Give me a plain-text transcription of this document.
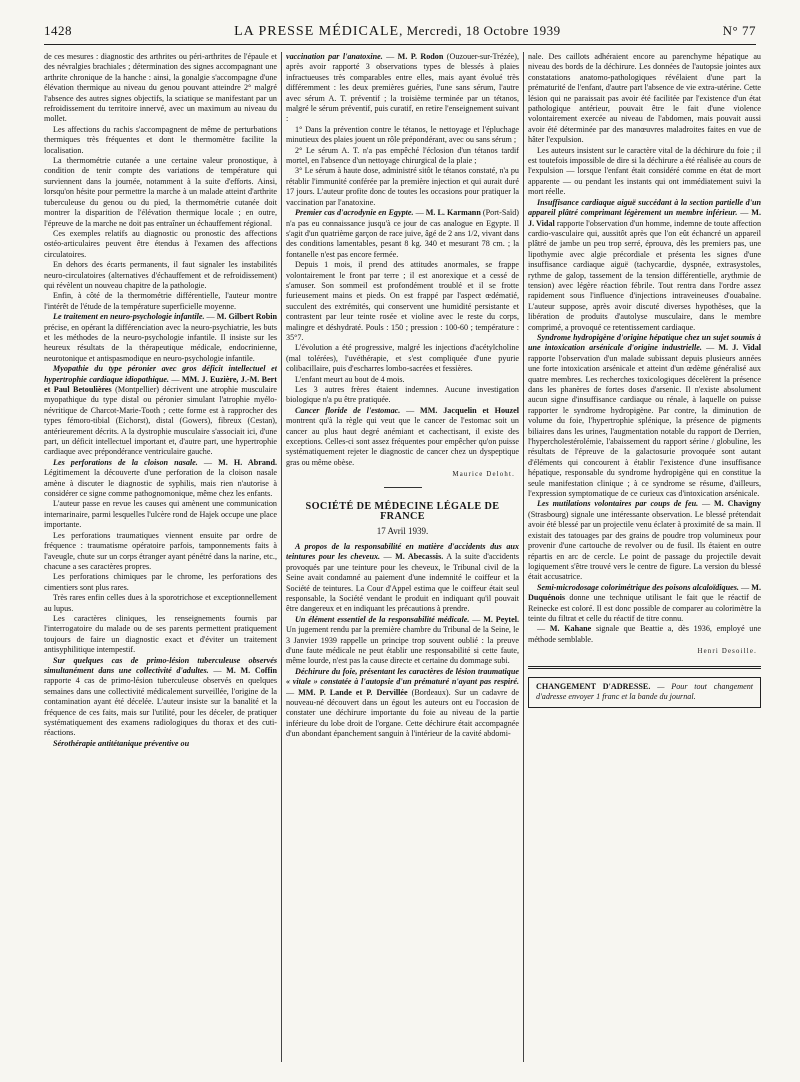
1428	LA PRESSE MÉDICALE, Mercredi, 18 Octobre 1939	N° 77

de ces mesures : diagnostic des arthrites ou péri-arthrites de l'épaule et des névralgies brachiales ; détermination des signes accompagnant une arthrite chronique de la hanche : ainsi, la gonalgie s'accompagne d'une élévation thermique au niveau du genou pouvant atteindre 2° malgré l'absence des autres signes objectifs, la sciatique se manifestant par un refroidissement du territoire innervé, avec un maximum au niveau du mollet.

Les affections du rachis s'accompagnent de même de perturbations thermiques très fréquentes et dont le thermomètre facilite la localisation.

La thermométrie cutanée a une certaine valeur pronostique, à condition de tenir compte des variations de température qui surviennent dans la journée, notamment à la suite d'efforts. Ainsi, lorsqu'on hésite pour permettre la marche à un malade atteint d'arthrite tuberculeuse du genou ou du pied, la thermométrie cutanée doit montrer la disparition de l'élévation thermique locale ; en outre, l'épreuve de la marche ne doit pas entraîner un échauffement régional.

Ces exemples relatifs au diagnostic ou pronostic des affections ostéo-articulaires peuvent être étendus à l'examen des affections circulatoires.

En dehors des écarts permanents, il faut signaler les instabilités neuro-circulatoires (alternatives d'échauffement et de refroidissement) qui révèlent un nouveau chapitre de la pathologie.

Enfin, à côté de la thermométrie différentielle, l'auteur montre l'intérêt de l'étude de la température superficielle moyenne.

Le traitement en neuro-psychologie infantile. — M. Gilbert Robin précise, en opérant la différenciation avec la neuro-psychiatrie, les buts et les méthodes de la neuro-psychologie infantile. Il insiste sur les heureux résultats de la thérapeutique médicale, endocrinienne, neurotonique et antispasmodique en neuro-psychologie infantile.

Myopathie du type péronier avec gros déficit intellectuel et hypertrophie cardiaque idiopathique. — MM. J. Euzière, J.-M. Bert et Paul Betoulières (Montpellier) décrivent une atrophie musculaire myopathique du type distal ou péronier simulant l'atrophie myélo-névritique de Charcot-Marie-Tooth ; cette forme est à rapprocher des types fémoro-tibial (Eichorst), distal (Gowers), fibreux (Cestan), antérieurement décrits. A la dystrophie musculaire s'associait ici, d'une part, un déficit intellectuel important et, d'autre part, une hypertrophie cardiaque avec prépondérance ventriculaire gauche.

Les perforations de la cloison nasale. — M. H. Abrand. Légitimement la découverte d'une perforation de la cloison nasale amène à discuter le diagnostic de syphilis, mais rien n'autorise à considérer ce signe comme pathognomonique, même chez les enfants.

L'auteur passe en revue les causes qui amènent une communication internarinaire, parmi lesquelles l'ulcère rond de Hajek occupe une place importante.

Les perforations traumatiques viennent ensuite par ordre de fréquence : traumatisme opératoire parfois, tamponnements faits à l'aveugle, chute sur un corps étranger ayant pénétré dans la narine, etc., chacune a ses caractères propres.

Les perforations chimiques par le chrome, les perforations des cimentiers sont plus rares.

Très rares enfin celles dues à la sporotrichose et exceptionnellement au lupus.

Les caractères cliniques, les renseignements fournis par l'interrogatoire du malade ou de ses parents permettent pratiquement toujours de faire un diagnostic exact et d'éviter un traitement antisyphilitique intempestif.

Sur quelques cas de primo-lésion tuberculeuse observés simultanément dans une collectivité d'adultes. — M. M. Coffin rapporte 4 cas de primo-lésion tuberculeuse observés en quelques semaines dans une collectivité médicalement surveillée, l'origine de la contamination ayant été décelée. L'auteur insiste sur la banalité et la fréquence de ces faits, mais sur l'utilité, pour les déceler, de pratiquer systématiquement des examens radiologiques du thorax et des cuti-réactions.

Sérothérapie antitétanique préventive ou

vaccination par l'anatoxine. — M. P. Rodon (Ouzouer-sur-Trézée), après avoir rapporté 3 observations types de blessés à plaies infractueuses très comparables entre elles, mais ayant évolué très différemment : les deux premières guéries, l'une sans sérum, l'autre avec sérum A. T. préventif ; la troisième terminée par un tétanos, malgré le sérum préventif, puis curatif, en retire l'enseignement suivant :

1° Dans la prévention contre le tétanos, le nettoyage et l'épluchage minutieux des plaies jouent un rôle prépondérant, avec ou sans sérum ;

2° Le sérum A. T. n'a pas empêché l'éclosion d'un tétanos tardif mortel, en l'absence d'un nettoyage chirurgical de la plaie ;

3° Le sérum à haute dose, administré sitôt le tétanos constaté, n'a pu rétablir l'immunité conférée par la première injection et qui aurait duré 17 jours. L'auteur profite donc de toutes les occasions pour pratiquer la vaccination par l'anatoxine.

Premier cas d'acrodynie en Egypte. — M. L. Karmann (Port-Saïd) n'a pas eu connaissance jusqu'à ce jour de cas analogue en Egypte. Il s'agit d'un quatrième garçon de race juive, âgé de 2 ans 1/2, vivant dans des conditions lamentables, pesant 8 kg. 340 et mesurant 78 cm. ; la fontanelle n'est pas encore fermée.

Depuis 1 mois, il prend des attitudes anormales, se frappe volontairement le front par terre ; il est anorexique et a cessé de s'amuser. Son sommeil est profondément troublé et il se frotte furieusement mains et pieds. On est frappé par l'aspect œdématié, succulent des extrémités, qui conservent une humidité persistante et contrastent par leur teinte rosée et violine avec le reste du corps, malingre et déshydraté. Pouls : 150 ; pression : 100-60 ; température : 35°7.

L'évolution a été progressive, malgré les injections d'acétylcholine (mal tolérées), l'uvéthérapie, et s'est compliquée d'une pyurie colibacillaire, puis d'escharres lombo-sacrées et fessières.

L'enfant meurt au bout de 4 mois.

Les 3 autres frères étaient indemnes. Aucune investigation biologique n'a pu être pratiquée.

Cancer floride de l'estomac. — MM. Jacquelin et Houzel montrent qu'à la règle qui veut que le cancer de l'estomac soit un cancer au plus haut degré anémiant et cachectisant, il existe des exceptions. Celles-ci sont assez fréquentes pour empêcher qu'on puisse systématiquement rejeter le diagnostic de cancer chez un dyspeptique gras ou même obèse.

Maurice Deloht.

SOCIÉTÉ DE MÉDECINE LÉGALE DE FRANCE

17 Avril 1939.

A propos de la responsabilité en matière d'accidents dus aux teintures pour les cheveux. — M. Abecassis. A la suite d'accidents provoqués par une teinture pour les cheveux, le Tribunal civil de la Seine avait condamné au paiement d'une indemnité le coiffeur et la Société de teintures. La Cour d'Appel estima que le coiffeur était seul responsable, la Société vendant le produit en indiquant qu'il pouvait être dangereux et en indiquant les précautions à prendre.

Un élément essentiel de la responsabilité médicale. — M. Peytel. Un jugement rendu par la première chambre du Tribunal de la Seine, le 3 Janvier 1939 rappelle un principe trop souvent oublié : la preuve d'une faute médicale ne peut établir une responsabilité si cette faute, même lourde, n'est pas la cause directe et certaine du dommage subi.

Déchirure du foie, présentant les caractères de lésion traumatique « vitale » constatée à l'autopsie d'un prématuré n'ayant pas respiré. — MM. P. Lande et P. Dervillée (Bordeaux). Sur un cadavre de nouveau-né découvert dans un égout les auteurs ont eu l'occasion de constater une déchirure importante du foie au niveau de la partie inférieure du lobe droit de l'organe. Cette déchirure était accompagnée d'un abondant épanchement sanguin à l'intérieur de la cavité abdomi-

nale. Des caillots adhéraient encore au parenchyme hépatique au niveau des bords de la déchirure. Les données de l'autopsie jointes aux constatations anatomo-pathologiques révélaient d'une part la prématurité de l'enfant, d'autre part l'absence de vie extra-utérine. Cette lésion qui ne paraissait pas avoir été facilitée par l'existence d'un état pathologique antérieur, pouvait être le fait d'une violence volontairement exercée au niveau de l'abdomen, mais pouvait aussi avoir été déterminée par des manœuvres maladroites faites en vue de hâter l'expulsion.

Les auteurs insistent sur le caractère vital de la déchirure du foie ; il est toutefois impossible de dire si la déchirure a été réalisée au cours de l'expulsion — lorsque l'enfant était considéré comme en état de mort apparente — ou pendant les instants qui ont immédiatement suivi la mort réelle.

Insuffisance cardiaque aiguë succédant à la section partielle d'un appareil plâtré comprimant légèrement un membre inférieur. — M. J. Vidal rapporte l'observation d'un homme, indemne de toute affection cardio-vasculaire qui, aussitôt après que l'on eût échancré un appareil plâtré de jambe un peu trop serré, éprouva, dès les premiers pas, une lipothymie avec algie précordiale et présenta les signes d'une insuffisance cardiaque aiguë (tachycardie, dyspnée, extrasystoles, rythme de galop, tassement de la tension différentielle, arythmie de tension) avec légère réaction fébrile. Tout rentra dans l'ordre assez rapidement sous l'influence d'injections intraveineuses d'ouabaïne. L'auteur suppose, après avoir discuté diverses hypothèses, que la libération de produits d'autolyse musculaire, dans le membre comprimé, a provoqué ce retentissement cardiaque.

Syndrome hydropigène d'origine hépatique chez un sujet soumis à une intoxication arsénicale d'origine industrielle. — M. J. Vidal rapporte l'observation d'un malade subissant depuis plusieurs années une forte intoxication arsénicale et atteint d'un œdème généralisé aux quatre membres. Les recherches toxicologiques décelèrent la présence dans les phanères de fortes doses d'arsenic. Il n'existe absolument aucun signe d'insuffisance cardiaque ou rénale, à laquelle on puisse rapporter le syndrome hydropigène. Par contre, la diminution de volume du foie, l'hypertrophie splénique, la présence de pigments biliaires dans les urines, l'augmentation notable du rapport de Derrien, l'hypercholestérolémie, l'abaissement du rapport sérine / globuline, les résultats de l'épreuve de la galactosurie provoquée sont autant d'éléments qui concourent à établir l'existence d'une insuffisance hépatique, responsable du syndrome hydropigène qui en constitue la seule manifestation clinique ; à ce syndrome se résume, d'ailleurs, l'expression symptomatique de ce curieux cas d'intoxication arsénicale.

Les mutilations volontaires par coups de feu. — M. Chavigny (Strasbourg) signale une intéressante observation. Le blessé prétendait avoir été blessé par un projectile venu éclater à proximité de sa main. Il existait des tatouages par des grains de poudre trop volumineux pour provenir d'une cartouche de revolver ou de fusil. Ils étaient en outre répartis en arc de cercle. Le point de passage du projectile devait logiquement s'être trouvé vers le centre de figure. La version du blessé était accusatrice.

Semi-microdosage colorimétrique des poisons alcaloïdiques. — M. Duquénois donne une technique utilisant le fait que le réactif de Reinecke est coloré. Il est donc possible de comparer au colorimètre la teinte du filtrat et celle du réactif de titre connu.

— M. Kahane signale que Beattie a, dès 1936, employé une méthode semblable.

Henri Desoille.

CHANGEMENT D'ADRESSE. — Pour tout changement d'adresse envoyer 1 franc et la bande du journal.
